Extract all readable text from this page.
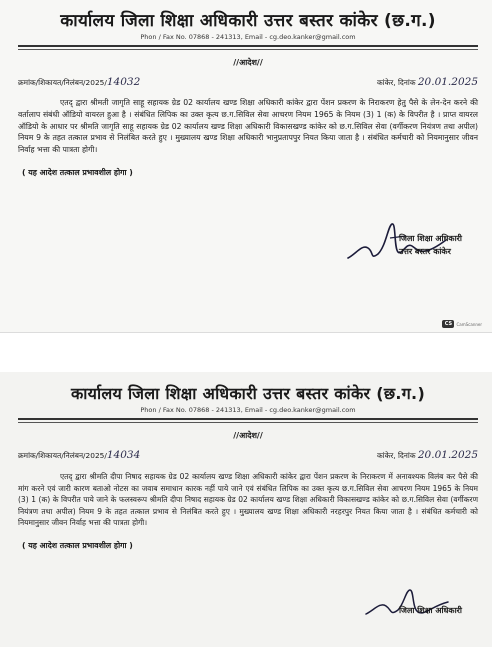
कार्यालय जिला शिक्षा अधिकारी उत्तर बस्तर कांकेर (छ.ग.)
Phon / Fax No. 07868 - 241313, Email - cg.deo.kanker@gmail.com
//आदेश//
क्रमांक/शिकायत/निलंबन/2025/14032	कांकेर, दिनांक 20.01.2025

एतद् द्वारा श्रीमती जागृति साहू सहायक ग्रेड 02 कार्यालय खण्ड शिक्षा अधिकारी कांकेर द्वारा पेंशन प्रकरण के निराकरण हेतु पैसे के लेन-देन करने की वर्तालाप संबंधी ऑडियो वायरल हुआ है । संबंधित लिपिक का उक्त कृत्य छ.ग.सिविल सेवा आचरण नियम 1965 के नियम (3) 1 (क) के विपरीत है । प्राप्त वायरल ऑडियो के आधार पर श्रीमति जागृति साहू सहायक ग्रेड 02 कार्यालय खण्ड शिक्षा अधिकारी विकासखण्ड कांकेर को छ.ग.सिविल सेवा (वर्गीकरण नियंत्रण तथा अपील) नियम 9 के तहत तत्काल प्रभाव से निलंबित करते हुए । मुख्यालय खण्ड शिक्षा अधिकारी भानुप्रतापपुर नियत किया जाता है । संबंधित कर्मचारी को नियमानुसार जीवन निर्वाह भत्ता की पात्रता होगी।

( यह आदेश तत्काल प्रभावशील होगा )
जिला शिक्षा अधिकारी
उत्तर बस्तर कांकेर
CS	CamScanner
कार्यालय जिला शिक्षा अधिकारी उत्तर बस्तर कांकेर (छ.ग.)
Phon / Fax No. 07868 - 241313, Email - cg.deo.kanker@gmail.com
//आदेश//
क्रमांक/शिकायत/निलंबन/2025/14034	कांकेर, दिनांक 20.01.2025

एतद् द्वारा श्रीमति दीपा निषाद सहायक ग्रेड 02 कार्यालय खण्ड शिक्षा अधिकारी कांकेर द्वारा पेंशन प्रकरण के निराकरण में अनावश्यक विलंब कर पैसे की मांग करने एवं जारी कारण बताओ नोटस का जवाब समाधान कारक नहीं पाये जाने एवं संबंधित लिपिक का उक्त कृत्य छ.ग.सिविल सेवा आचरण नियम 1965 के नियम (3) 1 (क) के विपरीत पाये जाने के फलस्वरूप श्रीमति दीपा निषाद सहायक ग्रेड 02 कार्यालय खण्ड शिक्षा अधिकारी विकासखण्ड कांकेर को छ.ग.सिविल सेवा (वर्गीकरण नियंत्रण तथा अपील) नियम 9 के तहत तत्काल प्रभाव से निलंबित करते हुए । मुख्यालय खण्ड शिक्षा अधिकारी नरहरपुर नियत किया जाता है । संबंधित कर्मचारी को नियमानुसार जीवन निर्वाह भत्ता की पात्रता होगी।

( यह आदेश तत्काल प्रभावशील होगा )
जिला शिक्षा अधिकारी
